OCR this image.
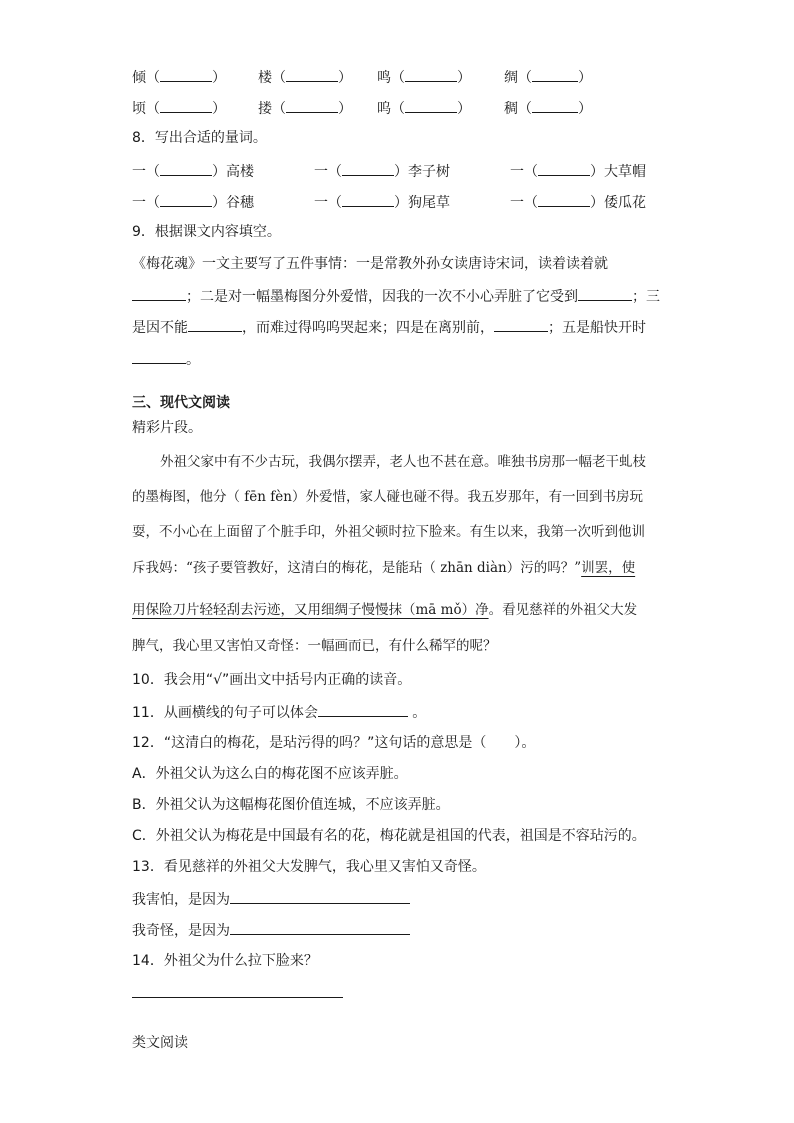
倾（	） 楼（	） 鸣（	） 绸（	）
顷（	） 搂（	） 呜（	） 稠（	）
8．写出合适的量词。
一（	）高楼	一（	）李子树	一（	）大草帽
一（	）谷穗	一（	）狗尾草	一（	）倭瓜花
9．根据课文内容填空。
《梅花魂》一文主要写了五件事情：一是常教外孙女读唐诗宋词，读着读着就
；二是对一幅墨梅图分外爱惜，因我的一次不小心弄脏了它受到	；三
是因不能	，而难过得呜呜哭起来；四是在离别前，	；五是船快开时
。
三、现代文阅读
精彩片段。
外祖父家中有不少古玩，我偶尔摆弄，老人也不甚在意。唯独书房那一幅老干虬枝
的墨梅图，他分（ fēn fèn）外爱惜，家人碰也碰不得。我五岁那年，有一回到书房玩
耍，不小心在上面留了个脏手印，外祖父顿时拉下脸来。有生以来，我第一次听到他训
斥我妈：“孩子要管教好，这清白的梅花，是能玷（ zhān diàn）污的吗？”训罢，使
用保险刀片轻轻刮去污迹，又用细绸子慢慢抹（mā mǒ）净。看见慈祥的外祖父大发
脾气，我心里又害怕又奇怪：一幅画而已，有什么稀罕的呢？
10．我会用“√”画出文中括号内正确的读音。
11．从画横线的句子可以体会	。
12．“这清白的梅花，是玷污得的吗？”这句话的意思是（　　）。
A．外祖父认为这么白的梅花图不应该弄脏。
B．外祖父认为这幅梅花图价值连城，不应该弄脏。
C．外祖父认为梅花是中国最有名的花，梅花就是祖国的代表，祖国是不容玷污的。
13．看见慈祥的外祖父大发脾气，我心里又害怕又奇怪。
我害怕，是因为
我奇怪，是因为
14．外祖父为什么拉下脸来？
类文阅读
